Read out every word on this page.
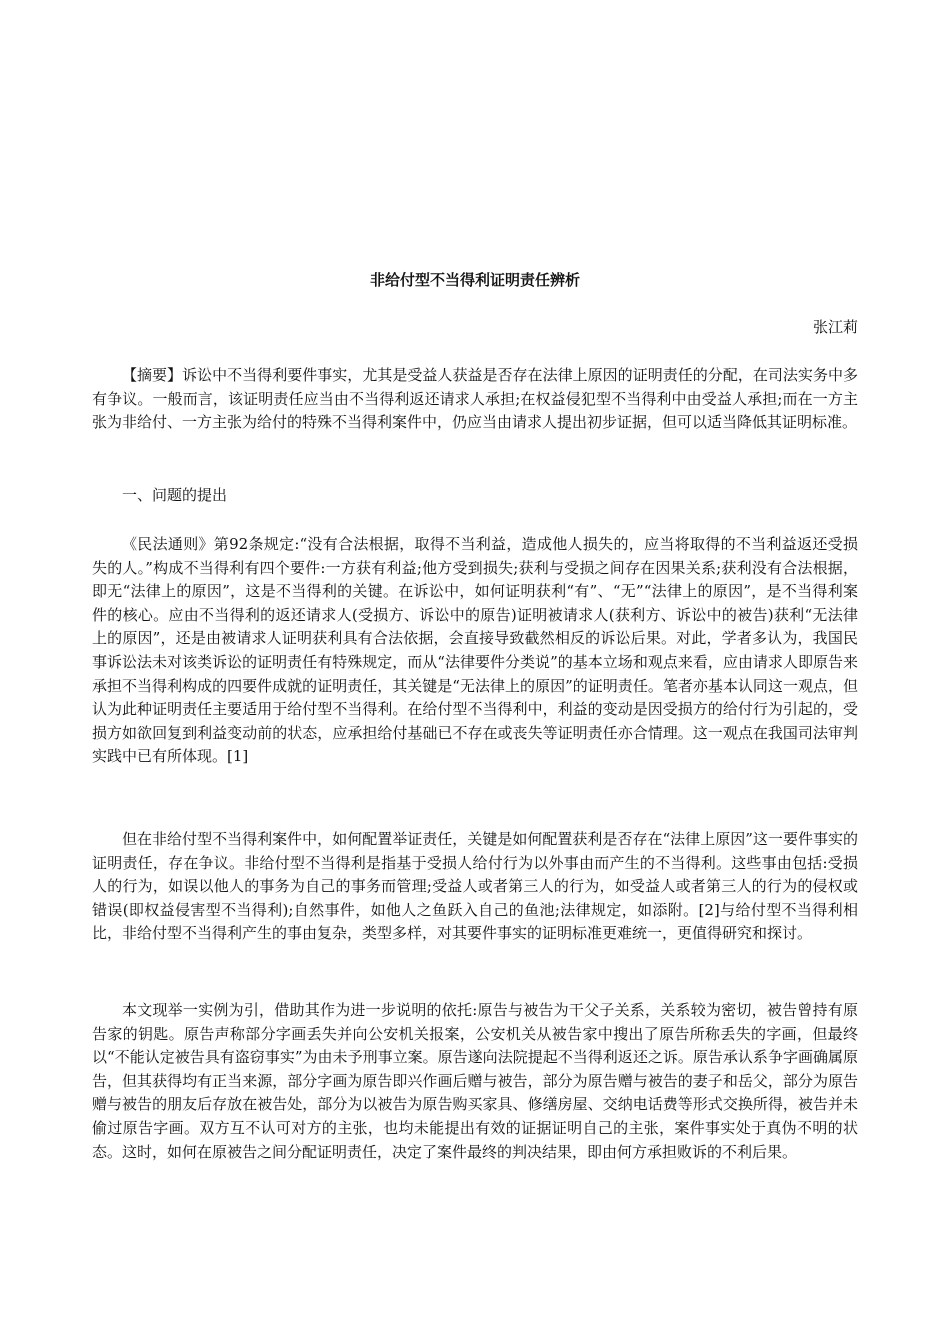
非给付型不当得利证明责任辨析
张江莉

【摘要】诉讼中不当得利要件事实，尤其是受益人获益是否存在法律上原因的证明责任的分配，在司法实务中多有争议。一般而言，该证明责任应当由不当得利返还请求人承担;在权益侵犯型不当得利中由受益人承担;而在一方主张为非给付、一方主张为给付的特殊不当得利案件中，仍应当由请求人提出初步证据，但可以适当降低其证明标准。

一、问题的提出

《民法通则》第92条规定:“没有合法根据，取得不当利益，造成他人损失的，应当将取得的不当利益返还受损失的人。”构成不当得利有四个要件:一方获有利益;他方受到损失;获利与受损之间存在因果关系;获利没有合法根据，即无“法律上的原因”，这是不当得利的关键。在诉讼中，如何证明获利“有”、“无”“法律上的原因”，是不当得利案件的核心。应由不当得利的返还请求人(受损方、诉讼中的原告)证明被请求人(获利方、诉讼中的被告)获利“无法律上的原因”，还是由被请求人证明获利具有合法依据，会直接导致截然相反的诉讼后果。对此，学者多认为，我国民事诉讼法未对该类诉讼的证明责任有特殊规定，而从“法律要件分类说”的基本立场和观点来看，应由请求人即原告来承担不当得利构成的四要件成就的证明责任，其关键是“无法律上的原因”的证明责任。笔者亦基本认同这一观点，但认为此种证明责任主要适用于给付型不当得利。在给付型不当得利中，利益的变动是因受损方的给付行为引起的，受损方如欲回复到利益变动前的状态，应承担给付基础已不存在或丧失等证明责任亦合情理。这一观点在我国司法审判实践中已有所体现。[1]

但在非给付型不当得利案件中，如何配置举证责任，关键是如何配置获利是否存在“法律上原因”这一要件事实的证明责任，存在争议。非给付型不当得利是指基于受损人给付行为以外事由而产生的不当得利。这些事由包括:受损人的行为，如误以他人的事务为自己的事务而管理;受益人或者第三人的行为，如受益人或者第三人的行为的侵权或错误(即权益侵害型不当得利);自然事件，如他人之鱼跃入自己的鱼池;法律规定，如添附。[2]与给付型不当得利相比，非给付型不当得利产生的事由复杂，类型多样，对其要件事实的证明标准更难统一，更值得研究和探讨。

本文现举一实例为引，借助其作为进一步说明的依托:原告与被告为干父子关系，关系较为密切，被告曾持有原告家的钥匙。原告声称部分字画丢失并向公安机关报案，公安机关从被告家中搜出了原告所称丢失的字画，但最终以“不能认定被告具有盗窃事实”为由未予刑事立案。原告遂向法院提起不当得利返还之诉。原告承认系争字画确属原告，但其获得均有正当来源，部分字画为原告即兴作画后赠与被告，部分为原告赠与被告的妻子和岳父，部分为原告赠与被告的朋友后存放在被告处，部分为以被告为原告购买家具、修缮房屋、交纳电话费等形式交换所得，被告并未偷过原告字画。双方互不认可对方的主张，也均未能提出有效的证据证明自己的主张，案件事实处于真伪不明的状态。这时，如何在原被告之间分配证明责任，决定了案件最终的判决结果，即由何方承担败诉的不利后果。
